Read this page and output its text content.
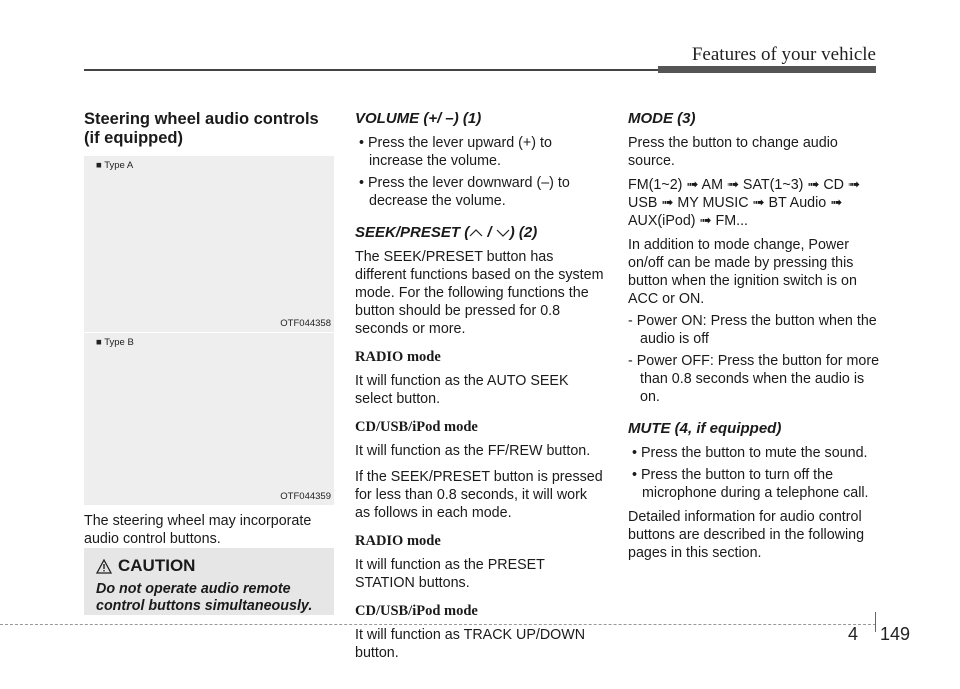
Features of your vehicle
Steering wheel audio controls (if equipped)
■ Type A
OTF044358
■ Type B
OTF044359

The steering wheel may incorporate audio control buttons.

CAUTION
Do not operate audio remote control buttons simultaneously.
VOLUME (+/ –) (1)
• Press the lever upward (+) to increase the volume.
• Press the lever downward (–) to decrease the volume.
SEEK/PRESET ( / ) (2)

The SEEK/PRESET button has different functions based on the system mode. For the following functions the button should be pressed for 0.8 seconds or more.

RADIO mode

It will function as the AUTO SEEK select button.

CD/USB/iPod mode

It will function as the FF/REW button.

If the SEEK/PRESET button is pressed for less than 0.8 seconds, it will work as follows in each mode.

RADIO mode

It will function as the PRESET STATION buttons.

CD/USB/iPod mode

It will function as TRACK UP/DOWN button.

MODE (3)

Press the button to change audio source.

FM(1~2) ➟ AM ➟ SAT(1~3) ➟ CD ➟ USB ➟ MY MUSIC ➟ BT Audio ➟ AUX(iPod) ➟ FM...

In addition to mode change, Power on/off can be made by pressing this button when the ignition switch is on ACC or ON.

- Power ON: Press the button when the audio is off
- Power OFF: Press the button for more than 0.8 seconds when the audio is on.
MUTE (4, if equipped)
• Press the button to mute the sound.
• Press the button to turn off the microphone during a telephone call.

Detailed information for audio control buttons are described in the following pages in this section.

4 149
